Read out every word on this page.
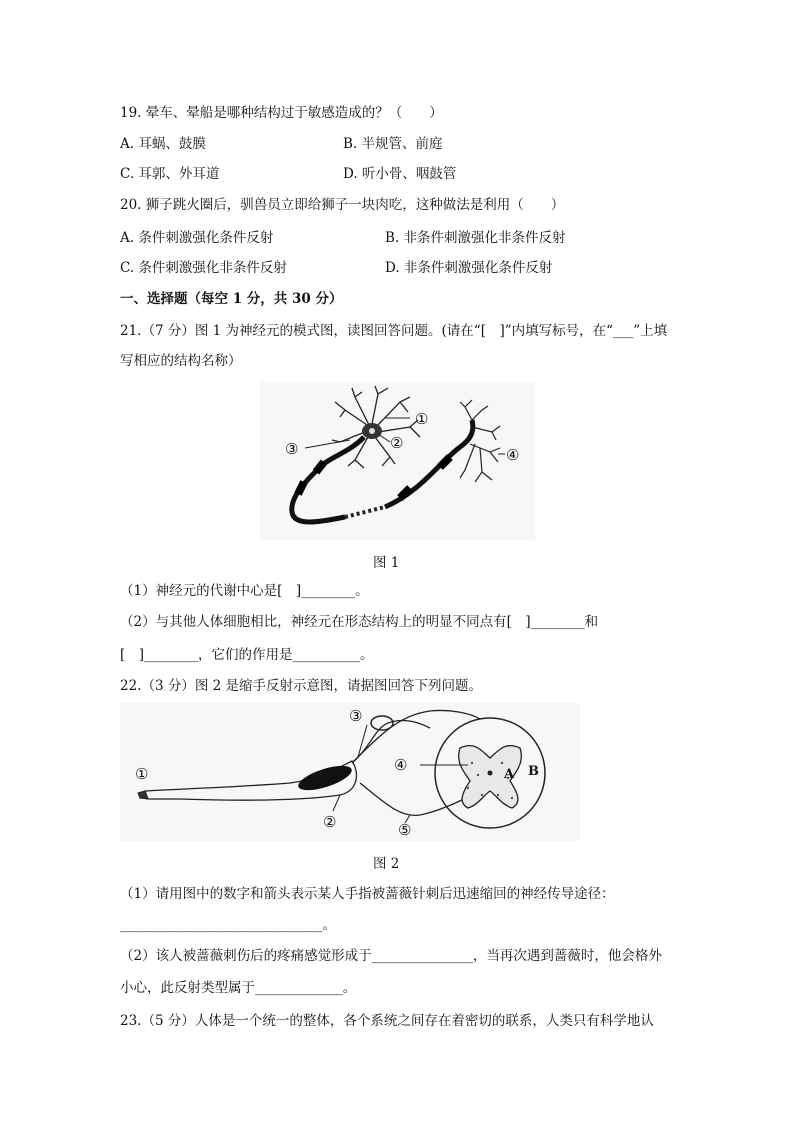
19. 晕车、晕船是哪种结构过于敏感造成的？（　　）
A. 耳蜗、鼓膜	B. 半规管、前庭
C. 耳郭、外耳道	D. 听小骨、咽鼓管
20. 狮子跳火圈后，驯兽员立即给狮子一块肉吃，这种做法是利用（　　）
A. 条件刺激强化条件反射	B. 非条件刺激强化非条件反射
C. 条件刺激强化非条件反射	D. 非条件刺激强化条件反射
一、选择题（每空 1 分，共 30 分）
21.（7 分）图 1 为神经元的模式图，读图回答问题。(请在“[　]”内填写标号，在“___”上填
写相应的结构名称）
①
②
③	④
图 1
（1）神经元的代谢中心是[　]________。
（2）与其他人体细胞相比，神经元在形态结构上的明显不同点有[　]________和
[　]________，它们的作用是__________。
22.（3 分）图 2 是缩手反射示意图，请据图回答下列问题。
①
②
③
④
⑤
A B
图 2
（1）请用图中的数字和箭头表示某人手指被蔷薇针刺后迅速缩回的神经传导途径：
______________________________。
（2）该人被蔷薇刺伤后的疼痛感觉形成于_______________，当再次遇到蔷薇时，他会格外
小心，此反射类型属于_____________。
23.（5 分）人体是一个统一的整体，各个系统之间存在着密切的联系，人类只有科学地认
